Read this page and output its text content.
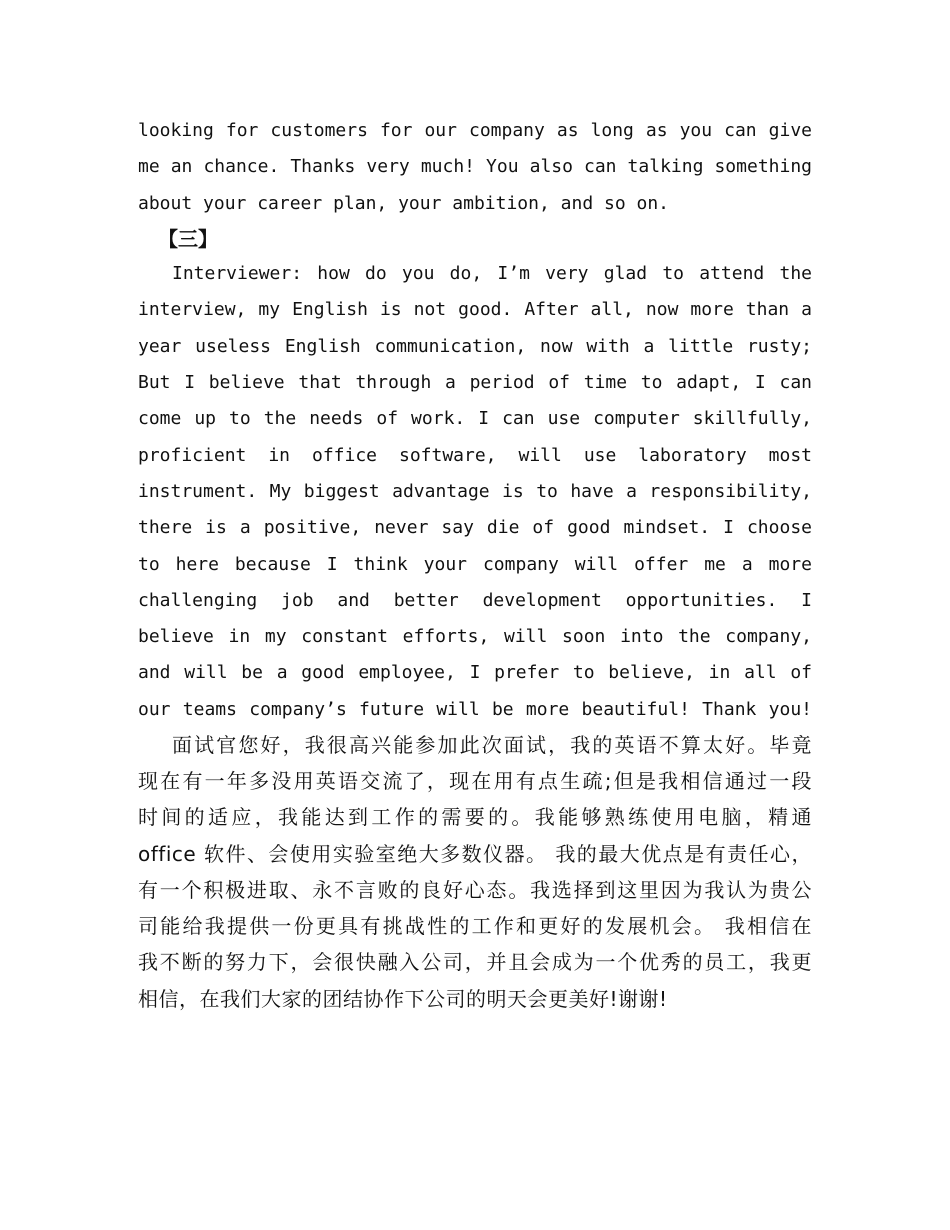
looking for customers for our company as long as you can give
me an chance. Thanks very much! You also can talking something
about your career plan, your ambition, and so on.
【三】
Interviewer: how do you do, I’m very glad to attend the
interview, my English is not good. After all, now more than a
year useless English communication, now with a little rusty;
But I believe that through a period of time to adapt, I can
come up to the needs of work. I can use computer skillfully,
proficient in office software, will use laboratory most
instrument. My biggest advantage is to have a responsibility,
there is a positive, never say die of good mindset. I choose
to here because I think your company will offer me a more
challenging job and better development opportunities. I
believe in my constant efforts, will soon into the company,
and will be a good employee, I prefer to believe, in all of
our teams company’s future will be more beautiful! Thank you!
面试官您好，我很高兴能参加此次面试，我的英语不算太好。毕竟
现在有一年多没用英语交流了，现在用有点生疏;但是我相信通过一段
时间的适应，我能达到工作的需要的。我能够熟练使用电脑，精通
office 软件、会使用实验室绝大多数仪器。 我的最大优点是有责任心，
有一个积极进取、永不言败的良好心态。我选择到这里因为我认为贵公
司能给我提供一份更具有挑战性的工作和更好的发展机会。 我相信在
我不断的努力下，会很快融入公司，并且会成为一个优秀的员工，我更
相信，在我们大家的团结协作下公司的明天会更美好!谢谢!
